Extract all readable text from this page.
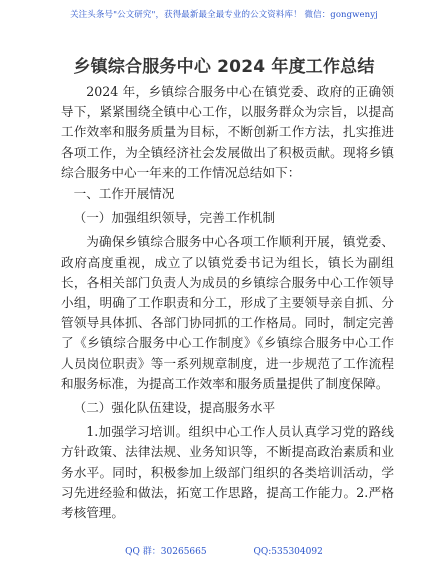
关注头条号"公文研究"，获得最新最全最专业的公文资料库！ 微信：gongwenyj
乡镇综合服务中心 2024 年度工作总结

2024 年，乡镇综合服务中心在镇党委、政府的正确领导下，紧紧围绕全镇中心工作，以服务群众为宗旨，以提高工作效率和服务质量为目标，不断创新工作方法，扎实推进各项工作，为全镇经济社会发展做出了积极贡献。现将乡镇综合服务中心一年来的工作情况总结如下：

一、工作开展情况

（一）加强组织领导，完善工作机制

为确保乡镇综合服务中心各项工作顺利开展，镇党委、政府高度重视，成立了以镇党委书记为组长，镇长为副组长，各相关部门负责人为成员的乡镇综合服务中心工作领导小组，明确了工作职责和分工，形成了主要领导亲自抓、分管领导具体抓、各部门协同抓的工作格局。同时，制定完善了《乡镇综合服务中心工作制度》《乡镇综合服务中心工作人员岗位职责》等一系列规章制度，进一步规范了工作流程和服务标准，为提高工作效率和服务质量提供了制度保障。

（二）强化队伍建设，提高服务水平

1.加强学习培训。组织中心工作人员认真学习党的路线方针政策、法律法规、业务知识等，不断提高政治素质和业务水平。同时，积极参加上级部门组织的各类培训活动，学习先进经验和做法，拓宽工作思路，提高工作能力。2.严格考核管理。

QQ 群：30265665	QQ:535304092
